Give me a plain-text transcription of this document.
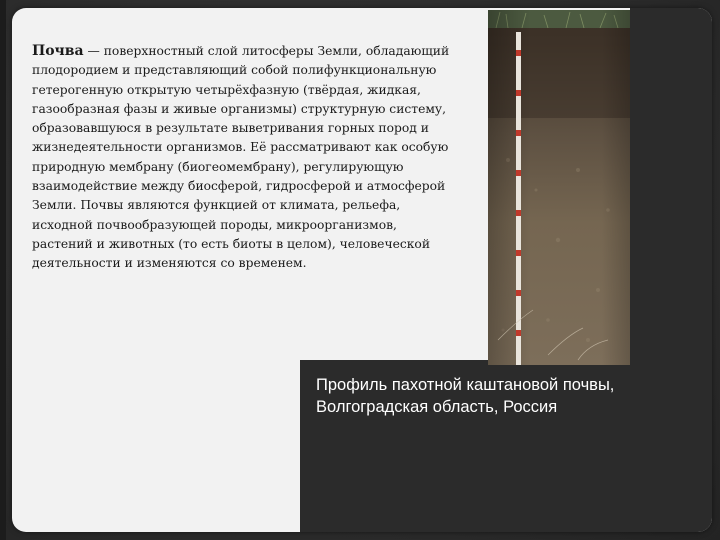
Почва — поверхностный слой литосферы Земли, обладающий плодородием и представляющий собой полифункциональную гетерогенную открытую четырёхфазную (твёрдая, жидкая, газообразная фазы и живые организмы) структурную систему, образовавшуюся в результате выветривания горных пород и жизнедеятельности организмов. Её рассматривают как особую природную мембрану (биогеомембрану), регулирующую взаимодействие между биосферой, гидросферой и атмосферой Земли. Почвы являются функцией от климата, рельефа, исходной почвообразующей породы, микроорганизмов, растений и животных (то есть биоты в целом), человеческой деятельности и изменяются со временем.

Профиль пахотной каштановой почвы,
Волгоградская область, Россия
